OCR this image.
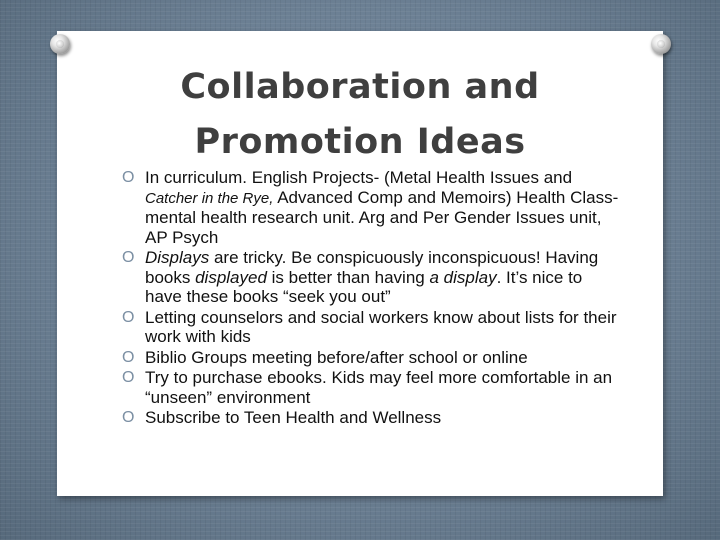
Collaboration and
Promotion Ideas
O In curriculum. English Projects- (Metal Health Issues and Catcher in the Rye, Advanced Comp and Memoirs) Health Class-mental health research unit. Arg and Per Gender Issues unit, AP Psych
O Displays are tricky. Be conspicuously inconspicuous! Having books displayed is better than having a display. It’s nice to have these books “seek you out”
O Letting counselors and social workers know about lists for their work with kids
O Biblio Groups meeting before/after school or online
O Try to purchase ebooks. Kids may feel more comfortable in an “unseen” environment
O Subscribe to Teen Health and Wellness
